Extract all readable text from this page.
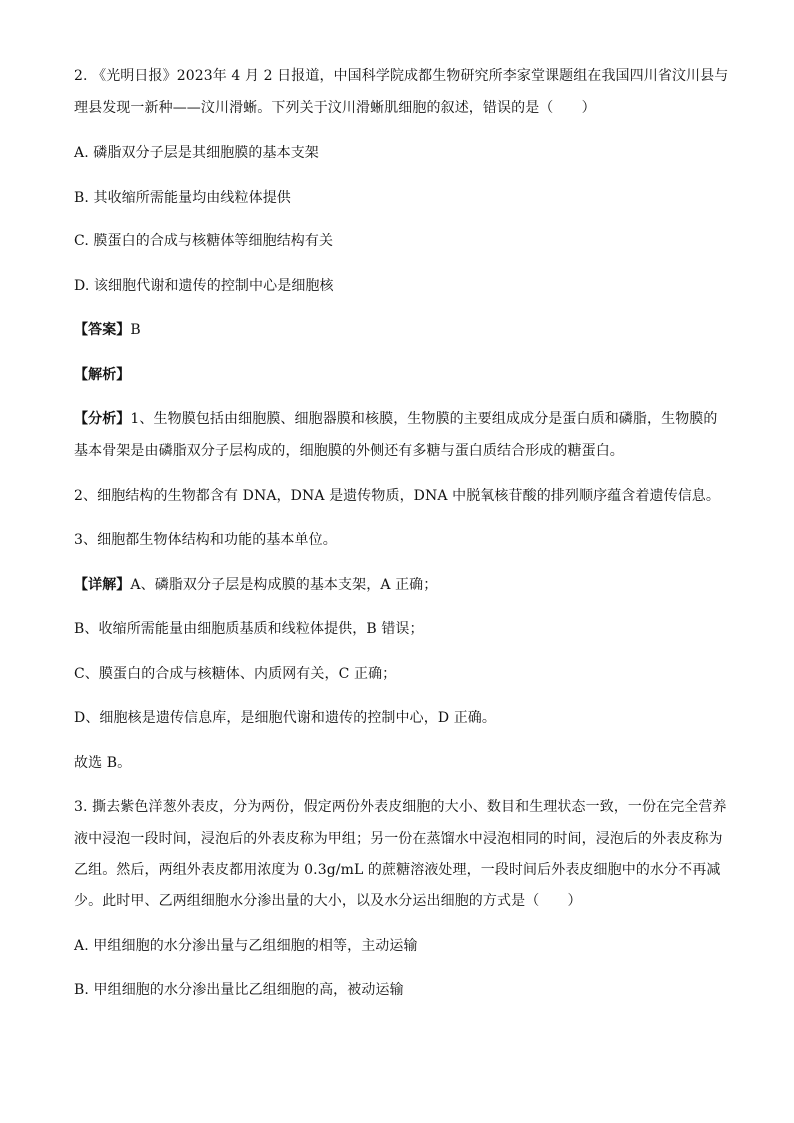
2. 《光明日报》2023年 4 月 2 日报道，中国科学院成都生物研究所李家堂课题组在我国四川省汶川县与
理县发现一新种——汶川滑蜥。下列关于汶川滑蜥肌细胞的叙述，错误的是（　　）
A. 磷脂双分子层是其细胞膜的基本支架
B. 其收缩所需能量均由线粒体提供
C. 膜蛋白的合成与核糖体等细胞结构有关
D. 该细胞代谢和遗传的控制中心是细胞核
【答案】B
【解析】
【分析】1、生物膜包括由细胞膜、细胞器膜和核膜，生物膜的主要组成成分是蛋白质和磷脂，生物膜的
基本骨架是由磷脂双分子层构成的，细胞膜的外侧还有多糖与蛋白质结合形成的糖蛋白。
2、细胞结构的生物都含有 DNA，DNA 是遗传物质，DNA 中脱氧核苷酸的排列顺序蕴含着遗传信息。
3、细胞都生物体结构和功能的基本单位。
【详解】A、磷脂双分子层是构成膜的基本支架，A 正确；
B、收缩所需能量由细胞质基质和线粒体提供，B 错误；
C、膜蛋白的合成与核糖体、内质网有关，C 正确；
D、细胞核是遗传信息库，是细胞代谢和遗传的控制中心，D 正确。
故选 B。
3. 撕去紫色洋葱外表皮，分为两份，假定两份外表皮细胞的大小、数目和生理状态一致，一份在完全营养
液中浸泡一段时间，浸泡后的外表皮称为甲组；另一份在蒸馏水中浸泡相同的时间，浸泡后的外表皮称为
乙组。然后，两组外表皮都用浓度为 0.3g/mL 的蔗糖溶液处理，一段时间后外表皮细胞中的水分不再减
少。此时甲、乙两组细胞水分渗出量的大小，以及水分运出细胞的方式是（　　）
A. 甲组细胞的水分渗出量与乙组细胞的相等，主动运输
B. 甲组细胞的水分渗出量比乙组细胞的高，被动运输
